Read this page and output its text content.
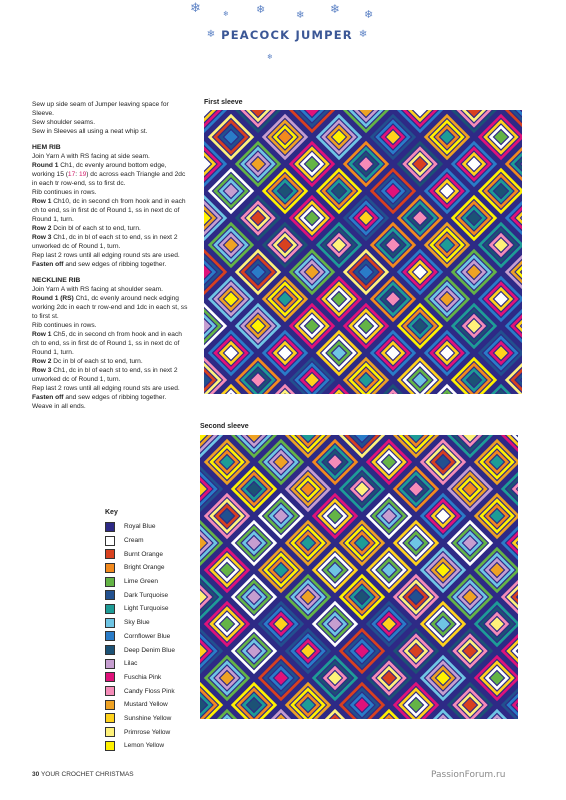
❄	❄	❄ ❄ ❄
❄
❄
❄ PEACOCK JUMPER ❄

Sew up side seam of Jumper leaving space for Sleeve.

Sew shoulder seams.

Sew in Sleeves all using a neat whip st.

HEM RIB

Join Yarn A with RS facing at side seam.

Round 1 Ch1, dc evenly around bottom edge, working 15 (17: 19) dc across each Triangle and 2dc in each tr row-end, ss to first dc.

Rib continues in rows.

Row 1 Ch10, dc in second ch from hook and in each ch to end, ss in first dc of Round 1, ss in next dc of Round 1, turn.

Row 2 Dcin bl of each st to end, turn.

Row 3 Ch1, dc in bl of each st to end, ss in next 2 unworked dc of Round 1, turn.

Rep last 2 rows until all edging round sts are used.

Fasten off and sew edges of ribbing together.

NECKLINE RIB

Join Yarn A with RS facing at shoulder seam.

Round 1 (RS) Ch1, dc evenly around neck edging working 2dc in each tr row-end and 1dc in each st, ss to first st.

Rib continues in rows.

Row 1 Ch5, dc in second ch from hook and in each ch to end, ss in first dc of Round 1, ss in next dc of Round 1, turn.

Row 2 Dc in bl of each st to end, turn.

Row 3 Ch1, dc in bl of each st to end, ss in next 2 unworked dc of Round 1, turn.

Rep last 2 rows until all edging round sts are used.

Fasten off and sew edges of ribbing together.

Weave in all ends.

Key
Royal Blue
Cream
Burnt Orange
Bright Orange
Lime Green
Dark Turquoise
Light Turquoise
Sky Blue
Cornflower Blue
Deep Denim Blue
Lilac
Fuschia Pink
Candy Floss Pink
Mustard Yellow
Sunshine Yellow
Primrose Yellow
Lemon Yellow
First sleeve
Second sleeve
30 YOUR CROCHET CHRISTMAS	PassionForum.ru
